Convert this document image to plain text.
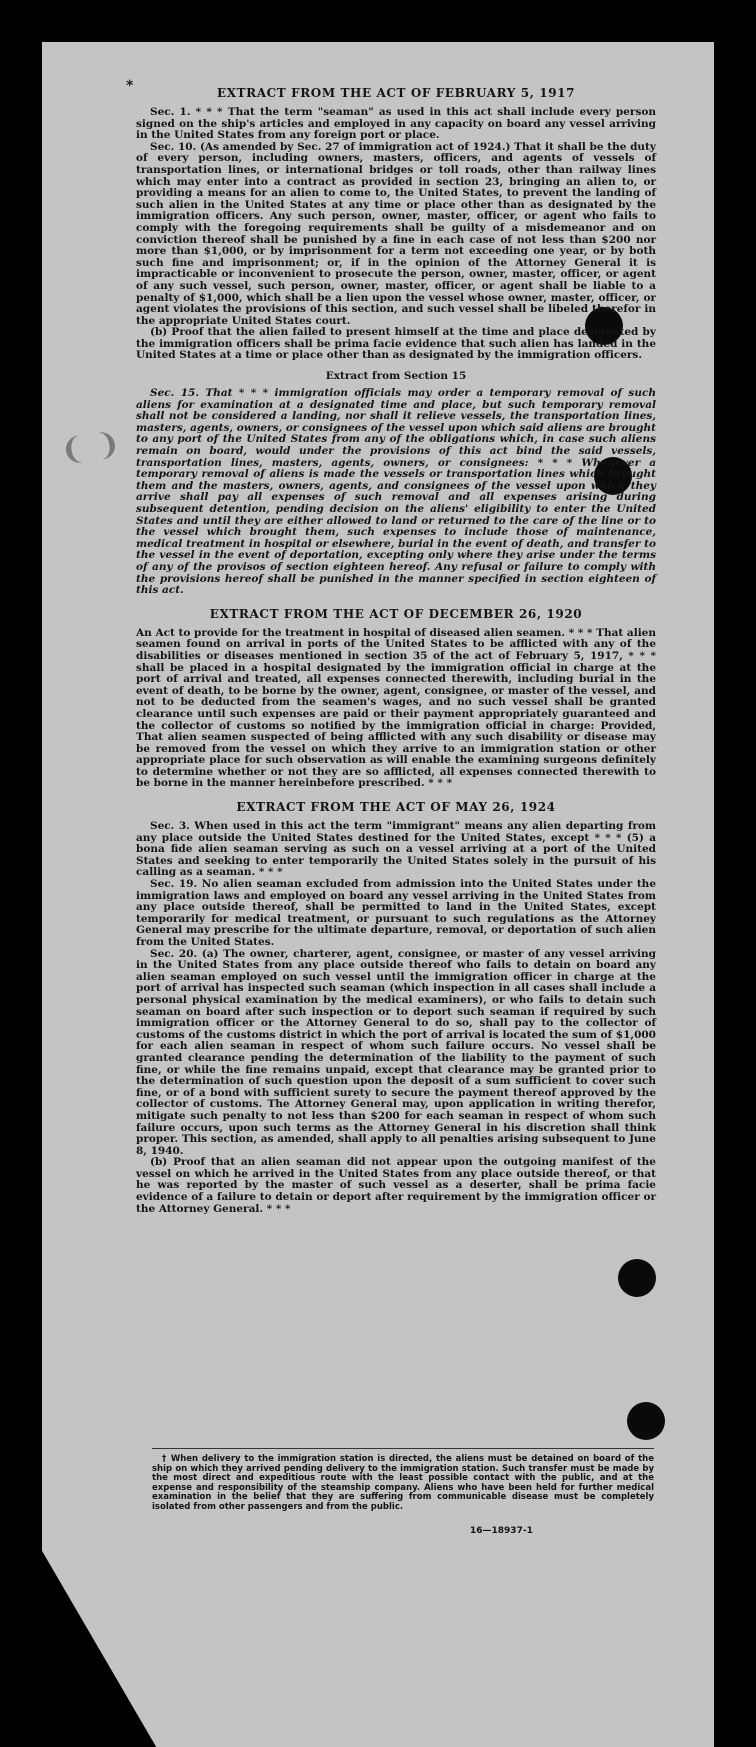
❨ ❩
*	EXTRACT FROM THE ACT OF FEBRUARY 5, 1917

Sec. 1. * * * That the term "seaman" as used in this act shall include every person signed on the ship's articles and employed in any capacity on board any vessel arriving in the United States from any foreign port or place.

Sec. 10. (As amended by Sec. 27 of immigration act of 1924.) That it shall be the duty of every person, including owners, masters, officers, and agents of vessels of transportation lines, or international bridges or toll roads, other than railway lines which may enter into a contract as provided in section 23, bringing an alien to, or providing a means for an alien to come to, the United States, to prevent the landing of such alien in the United States at any time or place other than as designated by the immigration officers. Any such person, owner, master, officer, or agent who fails to comply with the foregoing requirements shall be guilty of a misdemeanor and on conviction thereof shall be punished by a fine in each case of not less than $200 nor more than $1,000, or by imprisonment for a term not exceeding one year, or by both such fine and imprisonment; or, if in the opinion of the Attorney General it is impracticable or inconvenient to prosecute the person, owner, master, officer, or agent of any such vessel, such person, owner, master, officer, or agent shall be liable to a penalty of $1,000, which shall be a lien upon the vessel whose owner, master, officer, or agent violates the provisions of this section, and such vessel shall be libeled therefor in the appropriate United States court.

(b) Proof that the alien failed to present himself at the time and place designated by the immigration officers shall be prima facie evidence that such alien has landed in the United States at a time or place other than as designated by the immigration officers.

Extract from Section 15

Sec. 15. That * * * immigration officials may order a temporary removal of such aliens for examination at a designated time and place, but such temporary removal shall not be considered a landing, nor shall it relieve vessels, the transportation lines, masters, agents, owners, or consignees of the vessel upon which said aliens are brought to any port of the United States from any of the obligations which, in case such aliens remain on board, would under the provisions of this act bind the said vessels, transportation lines, masters, agents, owners, or consignees: * * * Whenever a temporary removal of aliens is made the vessels or transportation lines which brought them and the masters, owners, agents, and consignees of the vessel upon which they arrive shall pay all expenses of such removal and all expenses arising during subsequent detention, pending decision on the aliens' eligibility to enter the United States and until they are either allowed to land or returned to the care of the line or to the vessel which brought them, such expenses to include those of maintenance, medical treatment in hospital or elsewhere, burial in the event of death, and transfer to the vessel in the event of deportation, excepting only where they arise under the terms of any of the provisos of section eighteen hereof. Any refusal or failure to comply with the provisions hereof shall be punished in the manner specified in section eighteen of this act.

EXTRACT FROM THE ACT OF DECEMBER 26, 1920

An Act to provide for the treatment in hospital of diseased alien seamen. * * * That alien seamen found on arrival in ports of the United States to be afflicted with any of the disabilities or diseases mentioned in section 35 of the act of February 5, 1917, * * * shall be placed in a hospital designated by the immigration official in charge at the port of arrival and treated, all expenses connected therewith, including burial in the event of death, to be borne by the owner, agent, consignee, or master of the vessel, and not to be deducted from the seamen's wages, and no such vessel shall be granted clearance until such expenses are paid or their payment appropriately guaranteed and the collector of customs so notified by the immigration official in charge: Provided, That alien seamen suspected of being afflicted with any such disability or disease may be removed from the vessel on which they arrive to an immigration station or other appropriate place for such observation as will enable the examining surgeons definitely to determine whether or not they are so afflicted, all expenses connected therewith to be borne in the manner hereinbefore prescribed. * * *

EXTRACT FROM THE ACT OF MAY 26, 1924

Sec. 3. When used in this act the term "immigrant" means any alien departing from any place outside the United States destined for the United States, except * * * (5) a bona fide alien seaman serving as such on a vessel arriving at a port of the United States and seeking to enter temporarily the United States solely in the pursuit of his calling as a seaman. * * *

Sec. 19. No alien seaman excluded from admission into the United States under the immigration laws and employed on board any vessel arriving in the United States from any place outside thereof, shall be permitted to land in the United States, except temporarily for medical treatment, or pursuant to such regulations as the Attorney General may prescribe for the ultimate departure, removal, or deportation of such alien from the United States.

Sec. 20. (a) The owner, charterer, agent, consignee, or master of any vessel arriving in the United States from any place outside thereof who fails to detain on board any alien seaman employed on such vessel until the immigration officer in charge at the port of arrival has inspected such seaman (which inspection in all cases shall include a personal physical examination by the medical examiners), or who fails to detain such seaman on board after such inspection or to deport such seaman if required by such immigration officer or the Attorney General to do so, shall pay to the collector of customs of the customs district in which the port of arrival is located the sum of $1,000 for each alien seaman in respect of whom such failure occurs. No vessel shall be granted clearance pending the determination of the liability to the payment of such fine, or while the fine remains unpaid, except that clearance may be granted prior to the determination of such question upon the deposit of a sum sufficient to cover such fine, or of a bond with sufficient surety to secure the payment thereof approved by the collector of customs. The Attorney General may, upon application in writing therefor, mitigate such penalty to not less than $200 for each seaman in respect of whom such failure occurs, upon such terms as the Attorney General in his discretion shall think proper. This section, as amended, shall apply to all penalties arising subsequent to June 8, 1940.

(b) Proof that an alien seaman did not appear upon the outgoing manifest of the vessel on which he arrived in the United States from any place outside thereof, or that he was reported by the master of such vessel as a deserter, shall be prima facie evidence of a failure to detain or deport after requirement by the immigration officer or the Attorney General. * * *

† When delivery to the immigration station is directed, the aliens must be detained on board of the ship on which they arrived pending delivery to the immigration station. Such transfer must be made by the most direct and expeditious route with the least possible contact with the public, and at the expense and responsibility of the steamship company. Aliens who have been held for further medical examination in the belief that they are suffering from communicable disease must be completely isolated from other passengers and from the public.

16—18937-1
